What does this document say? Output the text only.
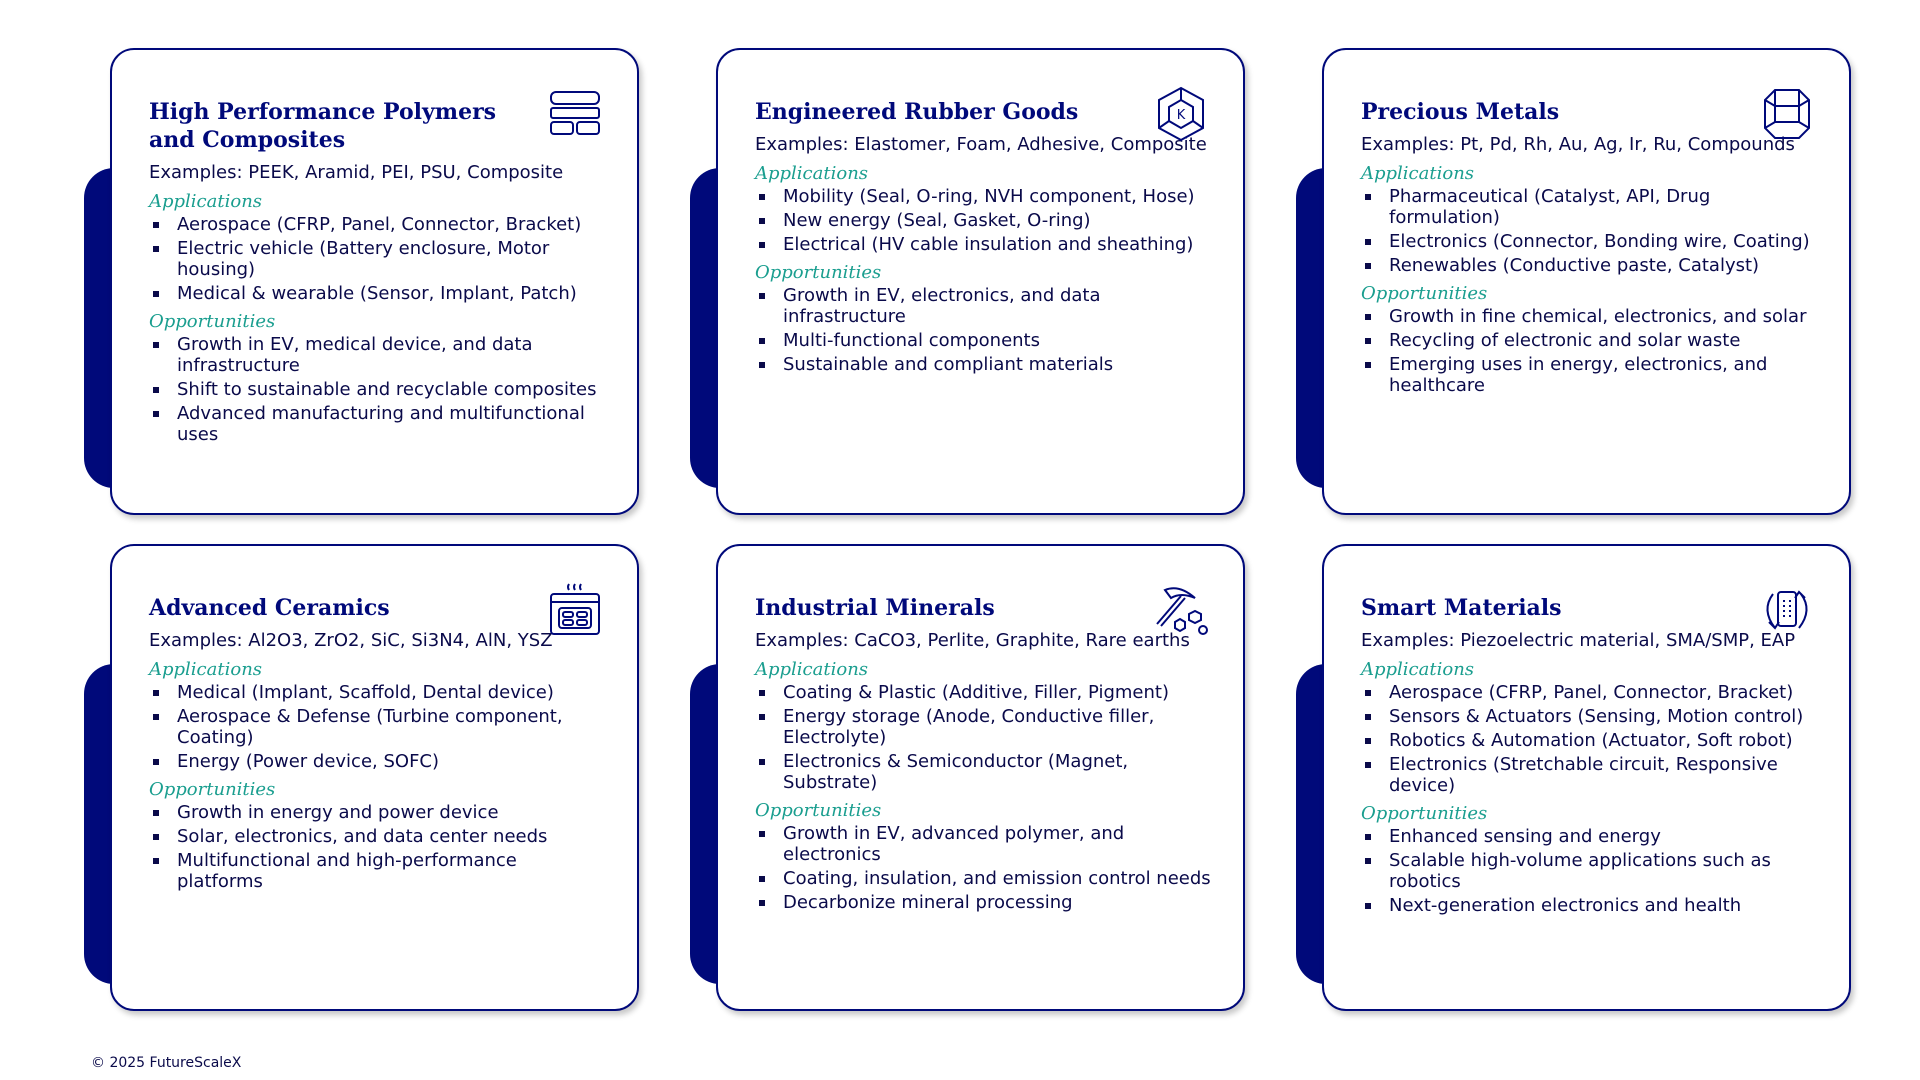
High Performance Polymers and Composites
Examples: PEEK, Aramid, PEI, PSU, Composite
Applications
Aerospace (CFRP, Panel, Connector, Bracket)
Electric vehicle (Battery enclosure, Motor housing)
Medical & wearable (Sensor, Implant, Patch)
Opportunities
Growth in EV, medical device, and data infrastructure
Shift to sustainable and recyclable composites
Advanced manufacturing and multifunctional uses
K
Engineered Rubber Goods
Examples: Elastomer, Foam, Adhesive, Composite
Applications
Mobility (Seal, O-ring, NVH component, Hose)
New energy (Seal, Gasket, O-ring)
Electrical (HV cable insulation and sheathing)
Opportunities
Growth in EV, electronics, and data infrastructure
Multi-functional components
Sustainable and compliant materials
Precious Metals
Examples: Pt, Pd, Rh, Au, Ag, Ir, Ru, Compounds
Applications
Pharmaceutical (Catalyst, API, Drug formulation)
Electronics (Connector, Bonding wire, Coating)
Renewables (Conductive paste, Catalyst)
Opportunities
Growth in fine chemical, electronics, and solar
Recycling of electronic and solar waste
Emerging uses in energy, electronics, and healthcare
Advanced Ceramics
Examples: Al2O3, ZrO2, SiC, Si3N4, AlN, YSZ
Applications
Medical (Implant, Scaffold, Dental device)
Aerospace & Defense (Turbine component, Coating)
Energy (Power device, SOFC)
Opportunities
Growth in energy and power device
Solar, electronics, and data center needs
Multifunctional and high-performance platforms
Industrial Minerals
Examples: CaCO3, Perlite, Graphite, Rare earths
Applications
Coating & Plastic (Additive, Filler, Pigment)
Energy storage (Anode, Conductive filler, Electrolyte)
Electronics & Semiconductor (Magnet, Substrate)
Opportunities
Growth in EV, advanced polymer, and electronics
Coating, insulation, and emission control needs
Decarbonize mineral processing
Smart Materials
Examples: Piezoelectric material, SMA/SMP, EAP
Applications
Aerospace (CFRP, Panel, Connector, Bracket)
Sensors & Actuators (Sensing, Motion control)
Robotics & Automation (Actuator, Soft robot)
Electronics (Stretchable circuit, Responsive device)
Opportunities
Enhanced sensing and energy
Scalable high-volume applications such as robotics
Next-generation electronics and health
© 2025 FutureScaleX
